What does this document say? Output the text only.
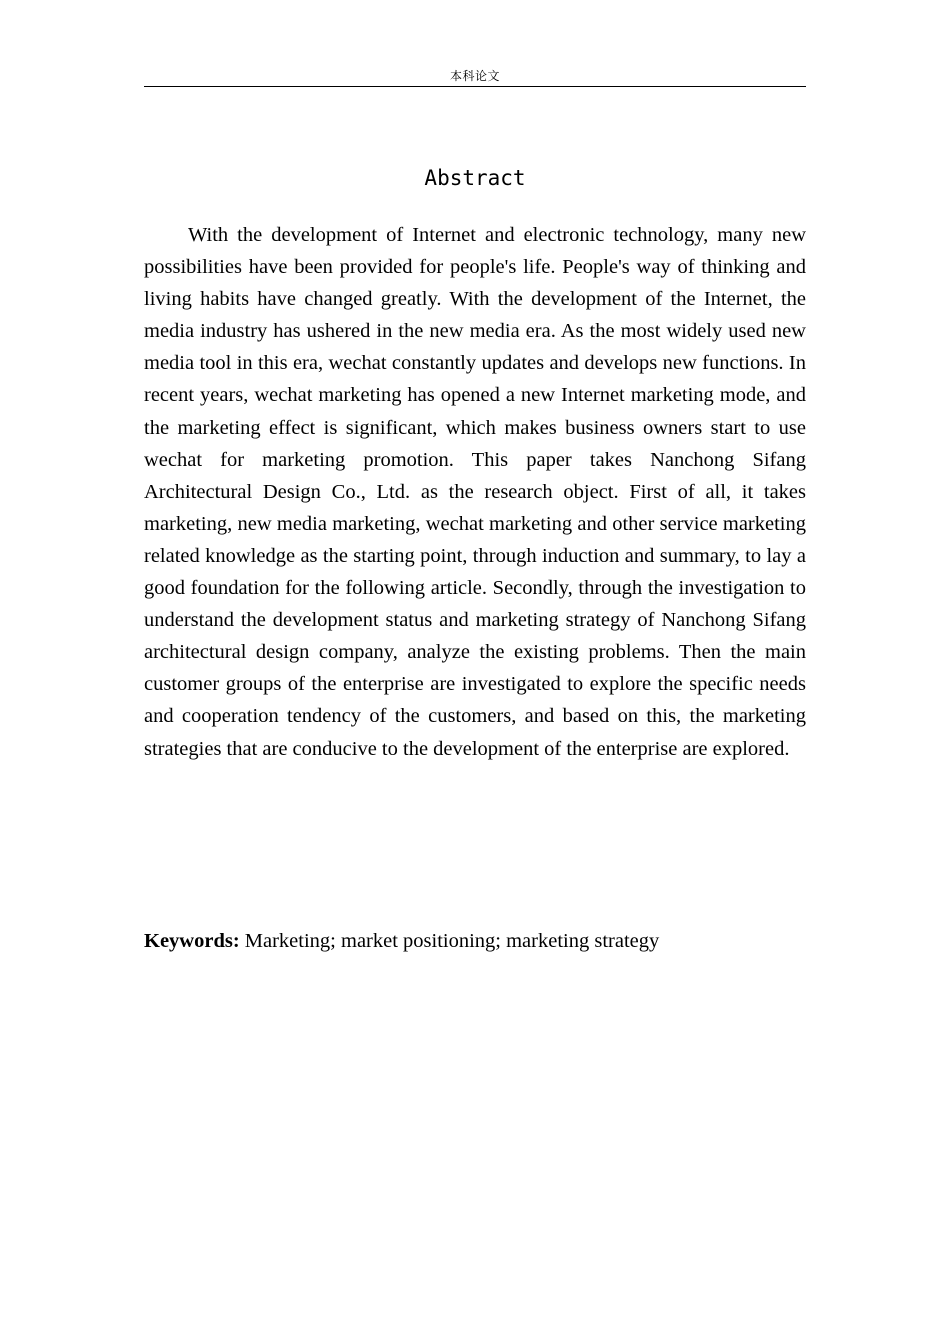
本科论文
Abstract

With the development of Internet and electronic technology, many new possibilities have been provided for people's life. People's way of thinking and living habits have changed greatly. With the development of the Internet, the media industry has ushered in the new media era. As the most widely used new media tool in this era, wechat constantly updates and develops new functions. In recent years, wechat marketing has opened a new Internet marketing mode, and the marketing effect is significant, which makes business owners start to use wechat for marketing promotion. This paper takes Nanchong Sifang Architectural Design Co., Ltd. as the research object. First of all, it takes marketing, new media marketing, wechat marketing and other service marketing related knowledge as the starting point, through induction and summary, to lay a good foundation for the following article. Secondly, through the investigation to understand the development status and marketing strategy of Nanchong Sifang architectural design company, analyze the existing problems. Then the main customer groups of the enterprise are investigated to explore the specific needs and cooperation tendency of the customers, and based on this, the marketing strategies that are conducive to the development of the enterprise are explored.

Keywords: Marketing; market positioning; marketing strategy
